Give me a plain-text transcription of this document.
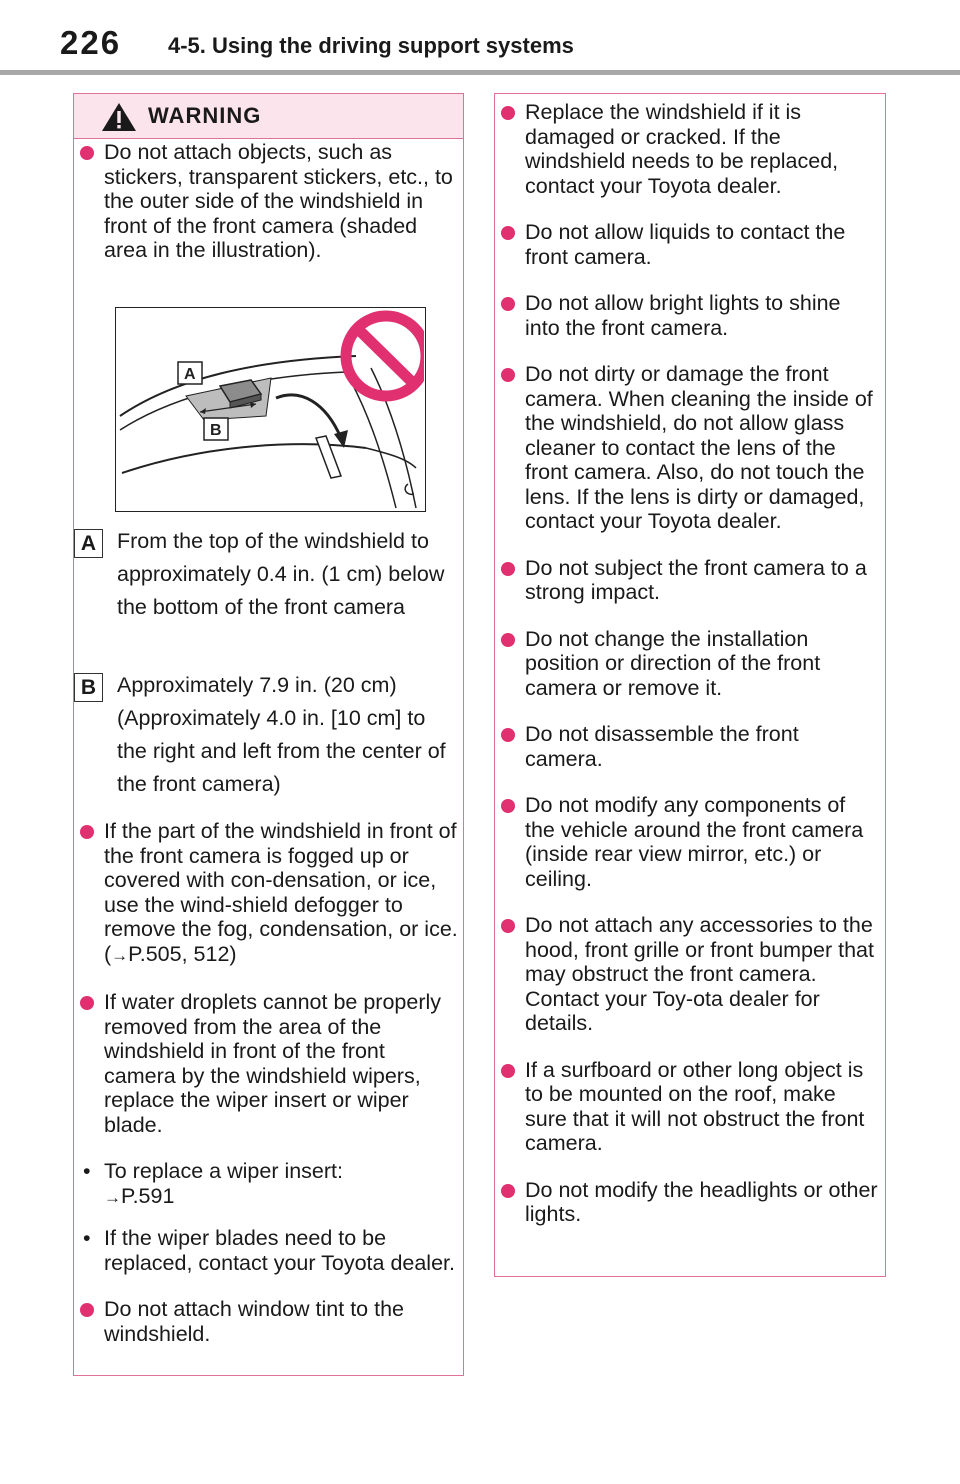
226 4-5. Using the driving support systems
WARNING
Do not attach objects, such as stickers, transparent stickers, etc., to the outer side of the windshield in front of the front camera (shaded area in the illustration).
A
B
A From the top of the windshield to approximately 0.4 in. (1 cm) below the bottom of the front camera
B Approximately 7.9 in. (20 cm) (Approximately 4.0 in. [10 cm] to the right and left from the center of the front camera)
If the part of the windshield in front of the front camera is fogged up or covered with con-densation, or ice, use the wind-shield defogger to remove the fog, condensation, or ice.
(→P.505, 512)
If water droplets cannot be properly removed from the area of the windshield in front of the front camera by the windshield wipers, replace the wiper insert or wiper blade.
• To replace a wiper insert:
→P.591
• If the wiper blades need to be replaced, contact your Toyota dealer.
Do not attach window tint to the windshield.
Replace the windshield if it is damaged or cracked. If the windshield needs to be replaced, contact your Toyota dealer.
Do not allow liquids to contact the front camera.
Do not allow bright lights to shine into the front camera.
Do not dirty or damage the front camera. When cleaning the inside of the windshield, do not allow glass cleaner to contact the lens of the front camera. Also, do not touch the lens. If the lens is dirty or damaged, contact your Toyota dealer.
Do not subject the front camera to a strong impact.
Do not change the installation position or direction of the front camera or remove it.
Do not disassemble the front camera.
Do not modify any components of the vehicle around the front camera (inside rear view mirror, etc.) or ceiling.
Do not attach any accessories to the hood, front grille or front bumper that may obstruct the front camera. Contact your Toy-ota dealer for details.
If a surfboard or other long object is to be mounted on the roof, make sure that it will not obstruct the front camera.
Do not modify the headlights or other lights.
